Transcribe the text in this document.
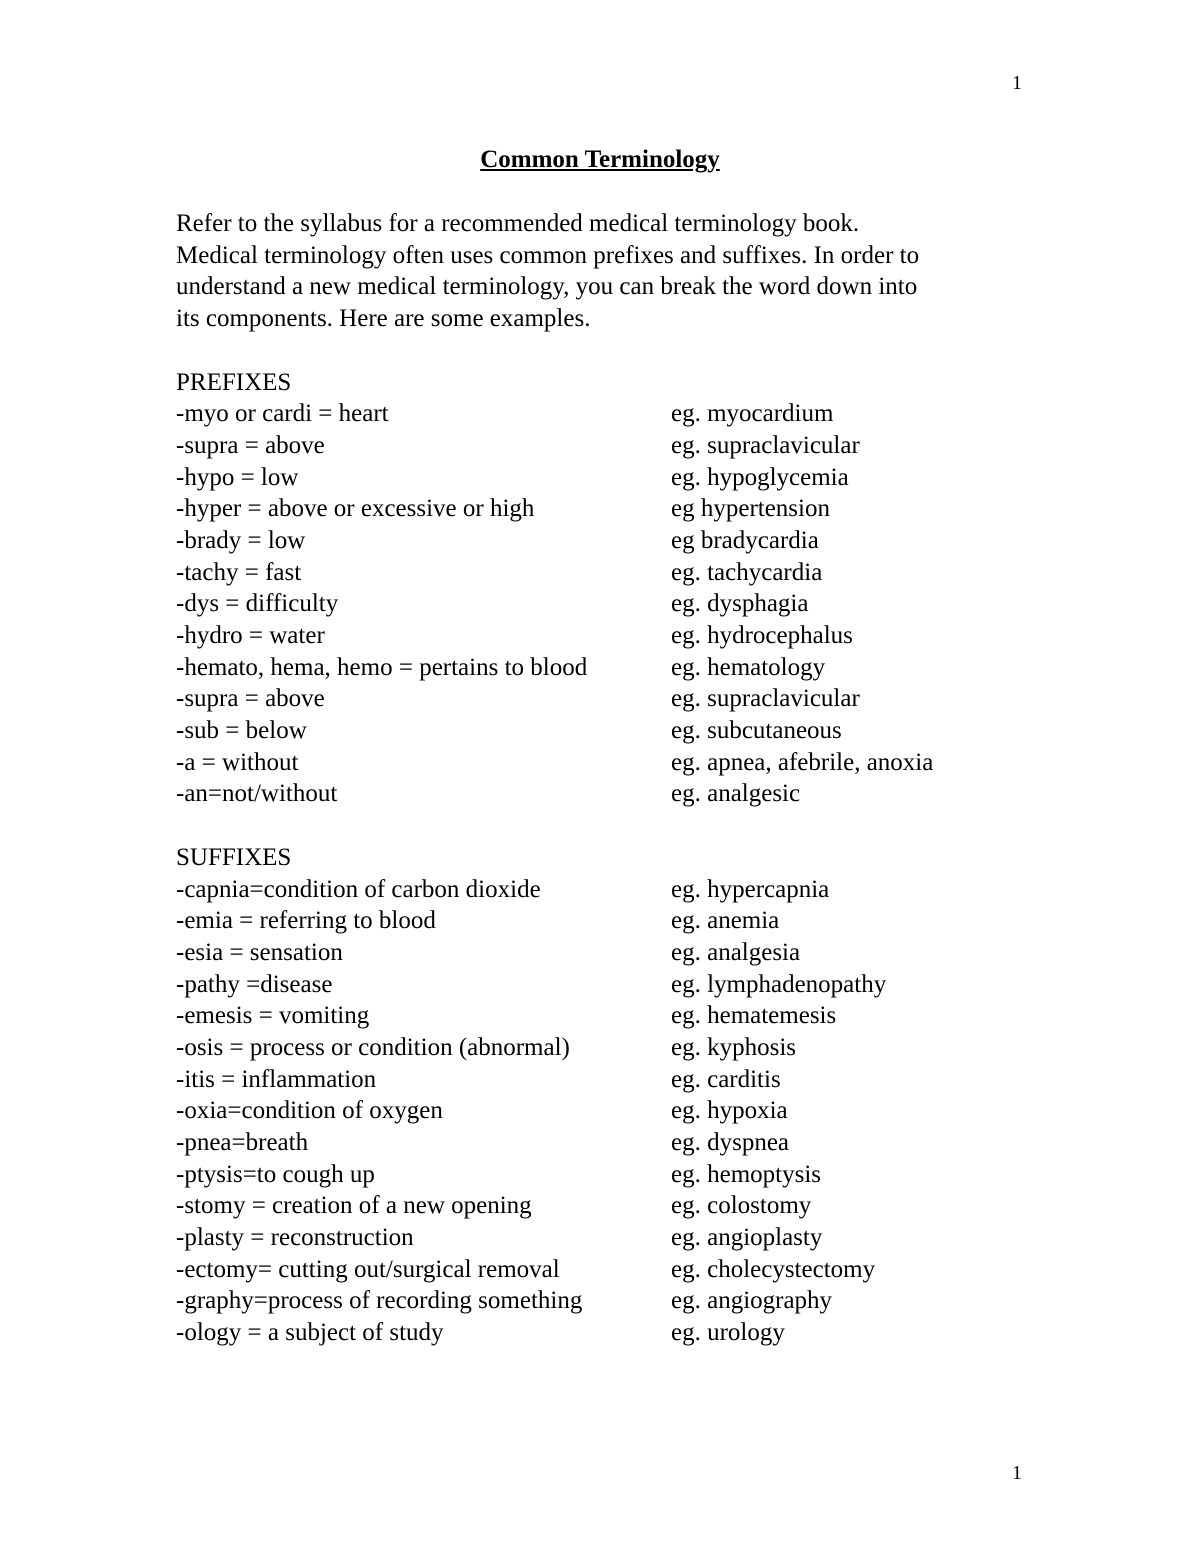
1
Common Terminology

Refer to the syllabus for a recommended medical terminology book.
Medical terminology often uses common prefixes and suffixes. In order to
understand a new medical terminology, you can break the word down into
its components. Here are some examples.

PREFIXES
-myo or cardi = heart	eg. myocardium
-supra = above	eg. supraclavicular
-hypo = low	eg. hypoglycemia
-hyper = above or excessive or high	eg hypertension
-brady = low	eg bradycardia
-tachy = fast	eg. tachycardia
-dys = difficulty	eg. dysphagia
-hydro = water	eg. hydrocephalus
-hemato, hema, hemo = pertains to blood	eg. hematology
-supra = above	eg. supraclavicular
-sub = below	eg. subcutaneous
-a = without	eg. apnea, afebrile, anoxia
-an=not/without	eg. analgesic
SUFFIXES
-capnia=condition of carbon dioxide	eg. hypercapnia
-emia = referring to blood	eg. anemia
-esia = sensation	eg. analgesia
-pathy =disease	eg. lymphadenopathy
-emesis = vomiting	eg. hematemesis
-osis = process or condition (abnormal)	eg. kyphosis
-itis = inflammation	eg. carditis
-oxia=condition of oxygen	eg. hypoxia
-pnea=breath	eg. dyspnea
-ptysis=to cough up	eg. hemoptysis
-stomy = creation of a new opening	eg. colostomy
-plasty = reconstruction	eg. angioplasty
-ectomy= cutting out/surgical removal	eg. cholecystectomy
-graphy=process of recording something	eg. angiography
-ology = a subject of study	eg. urology
1
